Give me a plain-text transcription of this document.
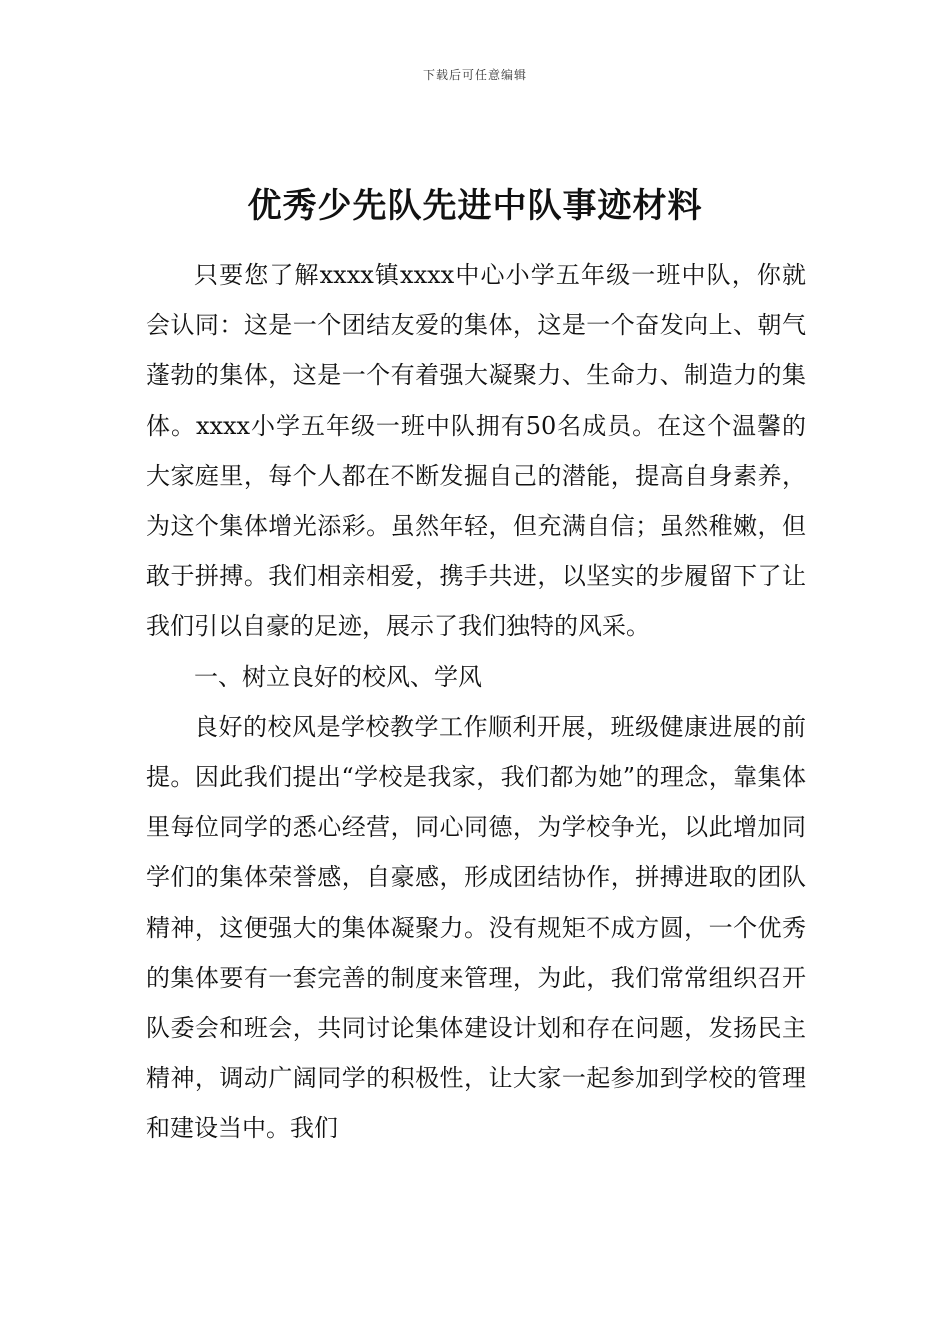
下载后可任意编辑
优秀少先队先进中队事迹材料

只要您了解xxxx镇xxxx中心小学五年级一班中队，你就会认同：这是一个团结友爱的集体，这是一个奋发向上、朝气蓬勃的集体，这是一个有着强大凝聚力、生命力、制造力的集体。xxxx小学五年级一班中队拥有50名成员。在这个温馨的大家庭里，每个人都在不断发掘自己的潜能，提高自身素养，为这个集体增光添彩。虽然年轻，但充满自信；虽然稚嫩，但敢于拼搏。我们相亲相爱，携手共进，以坚实的步履留下了让我们引以自豪的足迹，展示了我们独特的风采。

一、树立良好的校风、学风

良好的校风是学校教学工作顺利开展，班级健康进展的前提。因此我们提出“学校是我家，我们都为她”的理念，靠集体里每位同学的悉心经营，同心同德，为学校争光，以此增加同学们的集体荣誉感，自豪感，形成团结协作，拼搏进取的团队精神，这便强大的集体凝聚力。没有规矩不成方圆，一个优秀的集体要有一套完善的制度来管理，为此，我们常常组织召开队委会和班会，共同讨论集体建设计划和存在问题，发扬民主精神，调动广阔同学的积极性，让大家一起参加到学校的管理和建设当中。我们
